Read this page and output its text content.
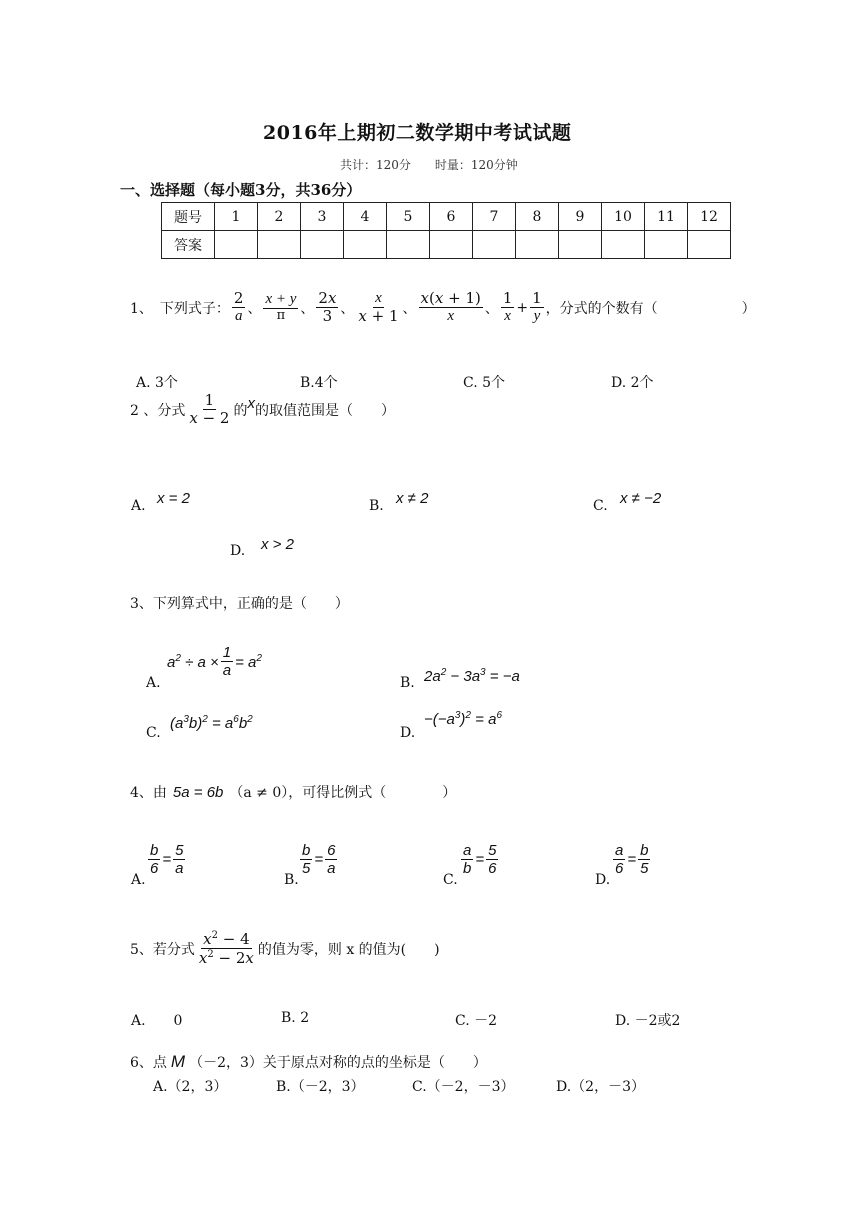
2016年上期初二数学期中考试试题
共计：120分　　时量：120分钟
一、选择题（每小题3分，共36分）
题号	1	2	3	4	5	6	7	8	9	10	11	12
答案												
1、　下列式子： $\frac{2}{a}$ 、 $\frac{x + y}{\pi}$ 、 $\frac{2x}{3}$ 、 $\frac{x}{x + 1}$ 、 $\frac{x(x + 1)}{x}$ 、 $\frac{1}{x} + \frac{1}{y}$ ，分式的个数有（　　　　　　）
A. 3个	B.4个	C. 5个	D. 2个
2 、分式 $\frac{1}{x - 2}$ 的 x 的取值范围是（　　）
A. x = 2	B. x ≠ 2	C. x ≠ −2
D. x > 2
3、下列算式中，正确的是（　　）
A.
$a^2 \div a \times \frac{1}{a} = a^2$
B. $2a^2 - 3a^3 = -a$
C.
$(a^3b)^2 = a^6b^2$
D.
$-(-a^3)^2 = a^6$
4、由 5a = 6b （a ≠ 0），可得比例式（　　　　）
A.
$\frac{b}{6} = \frac{5}{a}$
B.
$\frac{b}{5} = \frac{6}{a}$
C.
$\frac{a}{b} = \frac{5}{6}$
D.
$\frac{a}{6} = \frac{b}{5}$
5、若分式 $\frac{x^2 - 4}{x^2 - 2x}$ 的值为零，则 x 的值为(　　)
A.　　0	B. 2	C. －2	D. －2或2
6、点 M （－2，3）关于原点对称的点的坐标是（　　）
A.（2，3）	B.（－2，3）	C.（－2，－3）	D.（2，－3）
